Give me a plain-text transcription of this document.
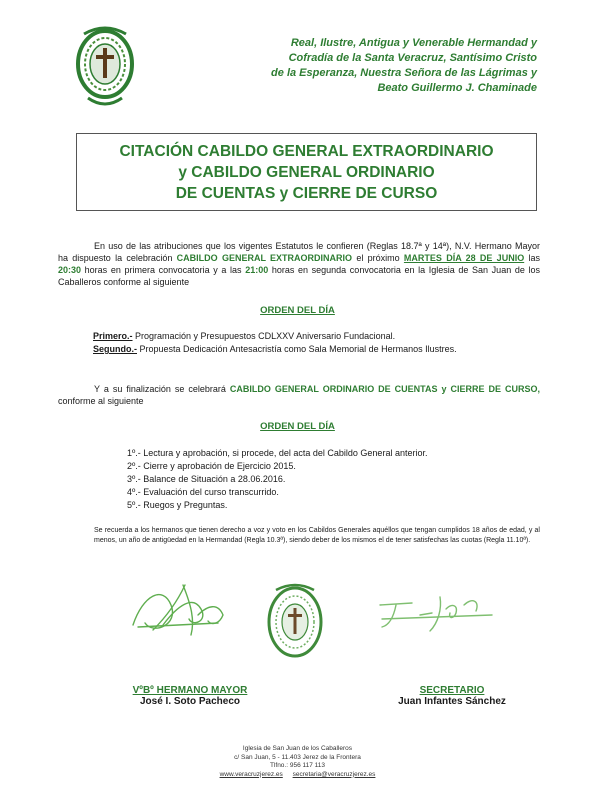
Real, Ilustre, Antigua y Venerable Hermandad y
Cofradía de la Santa Veracruz, Santísimo Cristo
de la Esperanza, Nuestra Señora de las Lágrimas y
Beato Guillermo J. Chaminade
CITACIÓN CABILDO GENERAL EXTRAORDINARIO
y CABILDO GENERAL ORDINARIO
DE CUENTAS y CIERRE DE CURSO
En uso de las atribuciones que los vigentes Estatutos le confieren (Reglas 18.7ª y 14ª), N.V. Hermano Mayor ha dispuesto la celebración CABILDO GENERAL EXTRAORDINARIO el próximo MARTES DÍA 28 DE JUNIO las 20:30 horas en primera convocatoria y a las 21:00 horas en segunda convocatoria en la Iglesia de San Juan de los Caballeros conforme al siguiente
ORDEN DEL DÍA
Primero.- Programación y Presupuestos CDLXXV Aniversario Fundacional.
Segundo.- Propuesta Dedicación Antesacristía como Sala Memorial de Hermanos Ilustres.
Y a su finalización se celebrará CABILDO GENERAL ORDINARIO DE CUENTAS y CIERRE DE CURSO, conforme al siguiente
ORDEN DEL DÍA
1º.- Lectura y aprobación, si procede, del acta del Cabildo General anterior.
2º.- Cierre y aprobación de Ejercicio 2015.
3º.- Balance de Situación a 28.06.2016.
4º.- Evaluación del curso transcurrido.
5º.- Ruegos y Preguntas.
Se recuerda a los hermanos que tienen derecho a voz y voto en los Cabildos Generales aquéllos que tengan cumplidos 18 años de edad, y al menos, un año de antigüedad en la Hermandad (Regla 10.3ª), siendo deber de los mismos el de tener satisfechas las cuotas (Regla 11.10ª).
VºBº HERMANO MAYOR
José I. Soto Pacheco
SECRETARIO
Juan Infantes Sánchez
Iglesia de San Juan de los Caballeros
c/ San Juan, 5 - 11.403 Jerez de la Frontera
Tlfno.: 956 117 113
www.veracruzjerez.es secretaria@veracruzjerez.es
